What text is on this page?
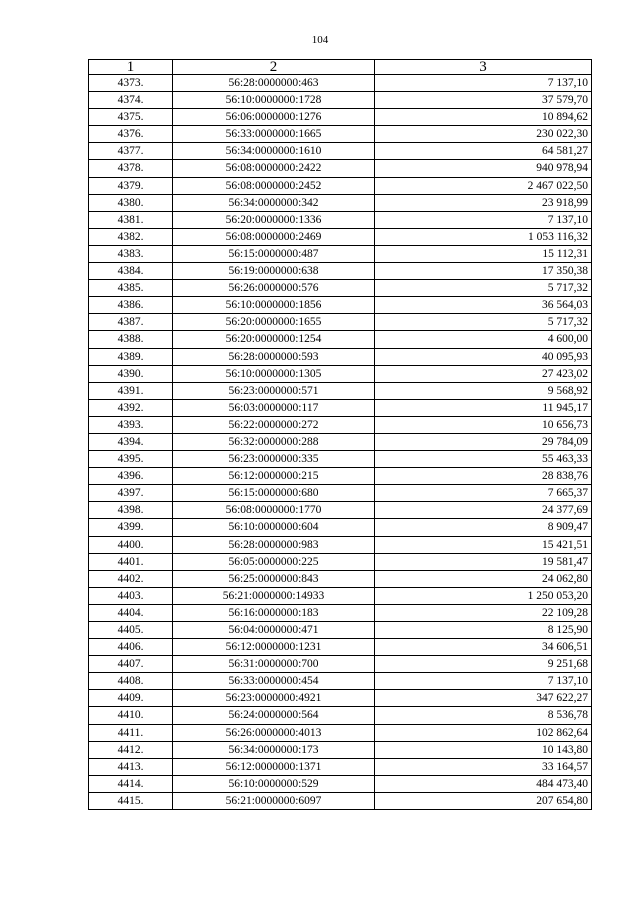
104
1	2	3
4373.	56:28:0000000:463	7 137,10
4374.	56:10:0000000:1728	37 579,70
4375.	56:06:0000000:1276	10 894,62
4376.	56:33:0000000:1665	230 022,30
4377.	56:34:0000000:1610	64 581,27
4378.	56:08:0000000:2422	940 978,94
4379.	56:08:0000000:2452	2 467 022,50
4380.	56:34:0000000:342	23 918,99
4381.	56:20:0000000:1336	7 137,10
4382.	56:08:0000000:2469	1 053 116,32
4383.	56:15:0000000:487	15 112,31
4384.	56:19:0000000:638	17 350,38
4385.	56:26:0000000:576	5 717,32
4386.	56:10:0000000:1856	36 564,03
4387.	56:20:0000000:1655	5 717,32
4388.	56:20:0000000:1254	4 600,00
4389.	56:28:0000000:593	40 095,93
4390.	56:10:0000000:1305	27 423,02
4391.	56:23:0000000:571	9 568,92
4392.	56:03:0000000:117	11 945,17
4393.	56:22:0000000:272	10 656,73
4394.	56:32:0000000:288	29 784,09
4395.	56:23:0000000:335	55 463,33
4396.	56:12:0000000:215	28 838,76
4397.	56:15:0000000:680	7 665,37
4398.	56:08:0000000:1770	24 377,69
4399.	56:10:0000000:604	8 909,47
4400.	56:28:0000000:983	15 421,51
4401.	56:05:0000000:225	19 581,47
4402.	56:25:0000000:843	24 062,80
4403.	56:21:0000000:14933	1 250 053,20
4404.	56:16:0000000:183	22 109,28
4405.	56:04:0000000:471	8 125,90
4406.	56:12:0000000:1231	34 606,51
4407.	56:31:0000000:700	9 251,68
4408.	56:33:0000000:454	7 137,10
4409.	56:23:0000000:4921	347 622,27
4410.	56:24:0000000:564	8 536,78
4411.	56:26:0000000:4013	102 862,64
4412.	56:34:0000000:173	10 143,80
4413.	56:12:0000000:1371	33 164,57
4414.	56:10:0000000:529	484 473,40
4415.	56:21:0000000:6097	207 654,80
